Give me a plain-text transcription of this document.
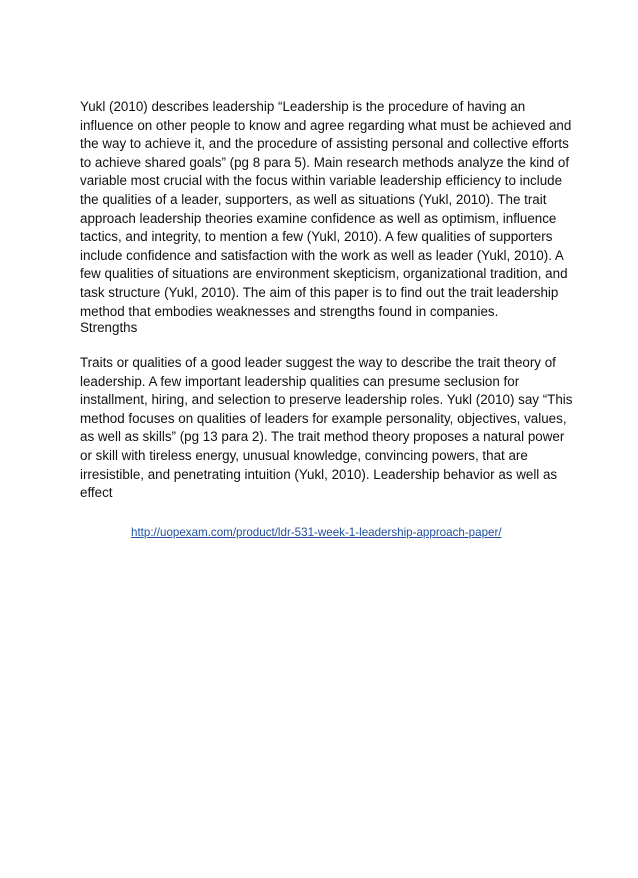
Yukl (2010) describes leadership “Leadership is the procedure of having an
influence on other people to know and agree regarding what must be achieved and
the way to achieve it, and the procedure of assisting personal and collective efforts
to achieve shared goals” (pg 8 para 5). Main research methods analyze the kind of
variable most crucial with the focus within variable leadership efficiency to include
the qualities of a leader, supporters, as well as situations (Yukl, 2010). The trait
approach leadership theories examine confidence as well as optimism, influence
tactics, and integrity, to mention a few (Yukl, 2010). A few qualities of supporters
include confidence and satisfaction with the work as well as leader (Yukl, 2010). A
few qualities of situations are environment skepticism, organizational tradition, and
task structure (Yukl, 2010). The aim of this paper is to find out the trait leadership
method that embodies weaknesses and strengths found in companies.
Strengths
Traits or qualities of a good leader suggest the way to describe the trait theory of
leadership. A few important leadership qualities can presume seclusion for
installment, hiring, and selection to preserve leadership roles. Yukl (2010) say “This
method focuses on qualities of leaders for example personality, objectives, values,
as well as skills” (pg 13 para 2). The trait method theory proposes a natural power
or skill with tireless energy, unusual knowledge, convincing powers, that are
irresistible, and penetrating intuition (Yukl, 2010). Leadership behavior as well as
effect
http://uopexam.com/product/ldr-531-week-1-leadership-approach-paper/
